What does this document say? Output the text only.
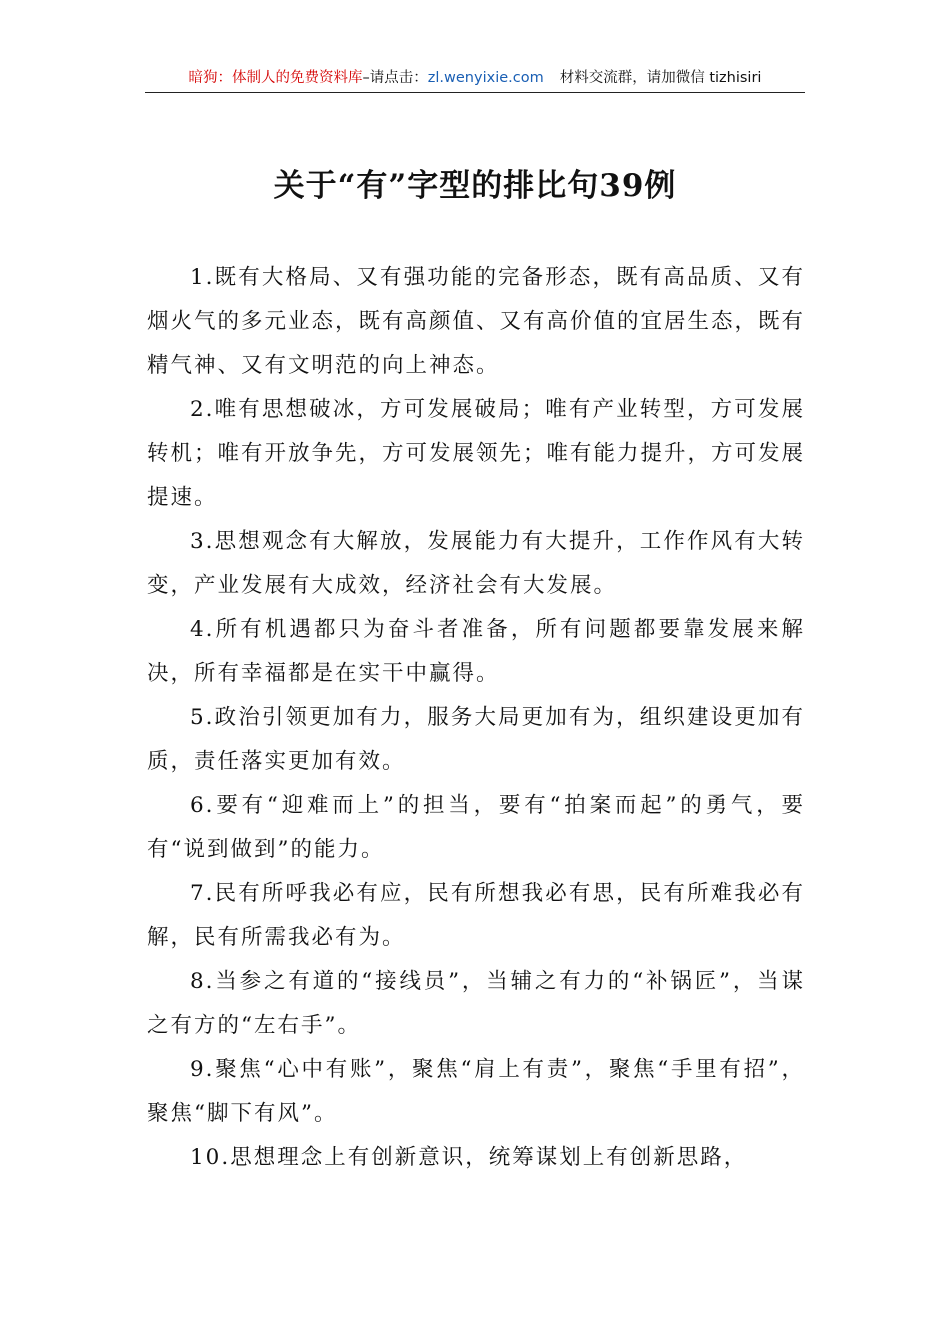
暗狗：体制人的免费资料库–请点击：zl.wenyixie.com 材料交流群，请加微信 tizhisiri
关于“有”字型的排比句39例

1.既有大格局、又有强功能的完备形态，既有高品质、又有烟火气的多元业态，既有高颜值、又有高价值的宜居生态，既有精气神、又有文明范的向上神态。

2.唯有思想破冰，方可发展破局；唯有产业转型，方可发展转机；唯有开放争先，方可发展领先；唯有能力提升，方可发展提速。

3.思想观念有大解放，发展能力有大提升，工作作风有大转变，产业发展有大成效，经济社会有大发展。

4.所有机遇都只为奋斗者准备，所有问题都要靠发展来解决，所有幸福都是在实干中赢得。

5.政治引领更加有力，服务大局更加有为，组织建设更加有质，责任落实更加有效。

6.要有“迎难而上”的担当，要有“拍案而起”的勇气，要有“说到做到”的能力。

7.民有所呼我必有应，民有所想我必有思，民有所难我必有解，民有所需我必有为。

8.当参之有道的“接线员”，当辅之有力的“补锅匠”，当谋之有方的“左右手”。

9.聚焦“心中有账”，聚焦“肩上有责”，聚焦“手里有招”，聚焦“脚下有风”。

10.思想理念上有创新意识，统筹谋划上有创新思路，
